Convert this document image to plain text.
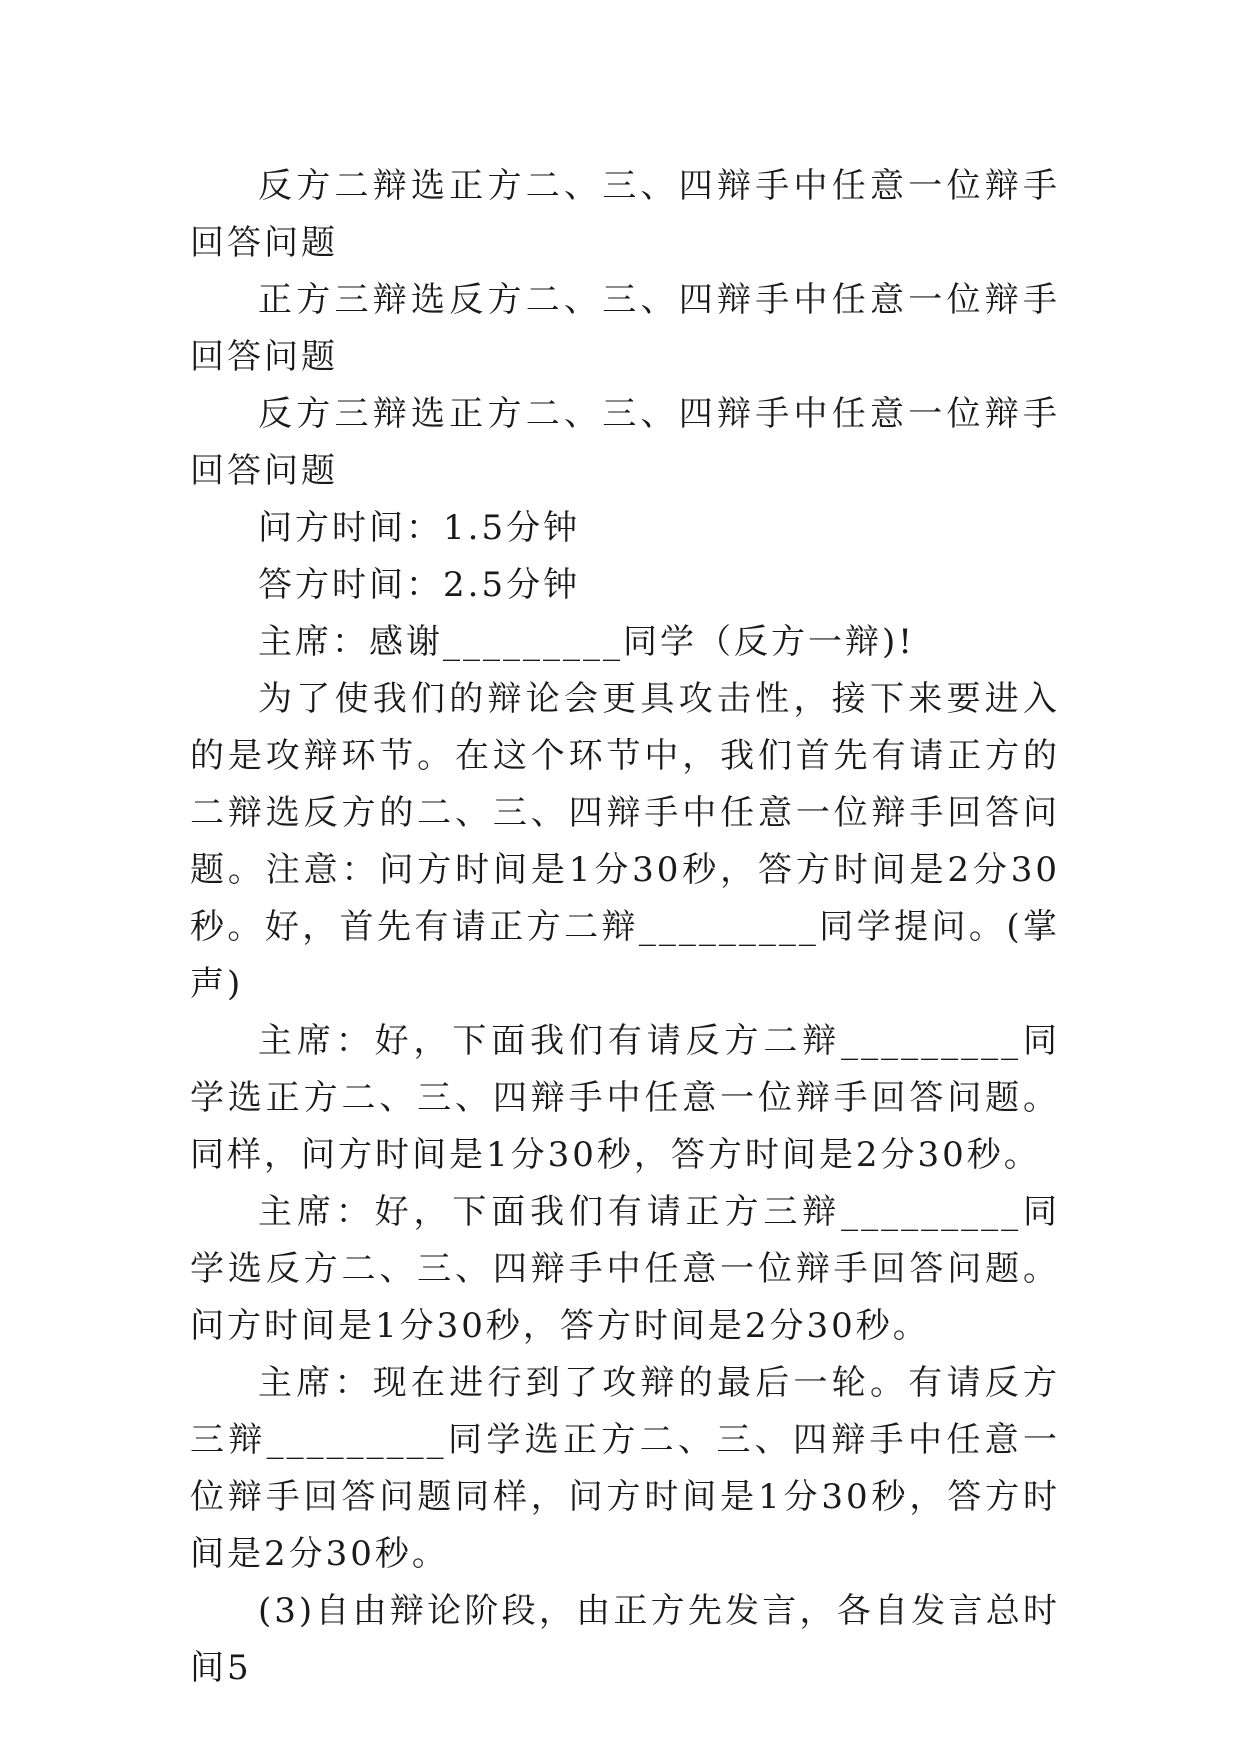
反方二辩选正方二、三、四辩手中任意一位辩手回答问题

正方三辩选反方二、三、四辩手中任意一位辩手回答问题

反方三辩选正方二、三、四辩手中任意一位辩手回答问题

问方时间：1.5分钟

答方时间：2.5分钟

主席：感谢_________同学（反方一辩)!

为了使我们的辩论会更具攻击性，接下来要进入的是攻辩环节。在这个环节中，我们首先有请正方的二辩选反方的二、三、四辩手中任意一位辩手回答问题。注意：问方时间是1分30秒，答方时间是2分30秒。好，首先有请正方二辩_________同学提问。(掌声)

主席：好，下面我们有请反方二辩_________同学选正方二、三、四辩手中任意一位辩手回答问题。同样，问方时间是1分30秒，答方时间是2分30秒。

主席：好，下面我们有请正方三辩_________同学选反方二、三、四辩手中任意一位辩手回答问题。问方时间是1分30秒，答方时间是2分30秒。

主席：现在进行到了攻辩的最后一轮。有请反方三辩_________同学选正方二、三、四辩手中任意一位辩手回答问题同样，问方时间是1分30秒，答方时间是2分30秒。

(3)自由辩论阶段，由正方先发言，各自发言总时间5
